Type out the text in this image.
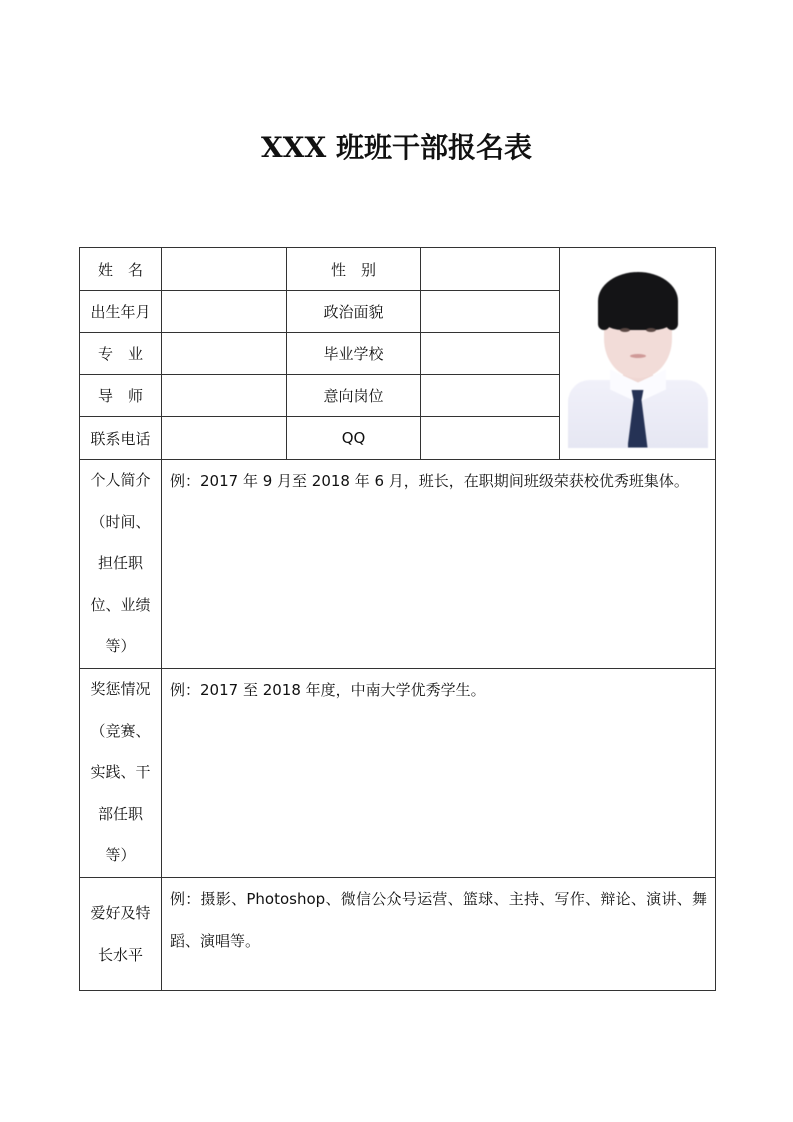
XXX 班班干部报名表
姓　名		性　别		

出生年月		政治面貌		
专　业		毕业学校		
导　师		意向岗位		
联系电话		QQ		

个人简介
（时间、
担任职
位、业绩
等）	例：2017 年 9 月至 2018 年 6 月，班长，在职期间班级荣获校优秀班集体。			

奖惩情况
（竞赛、
实践、干
部任职
等）	例：2017 至 2018 年度，中南大学优秀学生。			

爱好及特
长水平	例：摄影、Photoshop、微信公众号运营、篮球、主持、写作、辩论、演讲、舞蹈、演唱等。			
